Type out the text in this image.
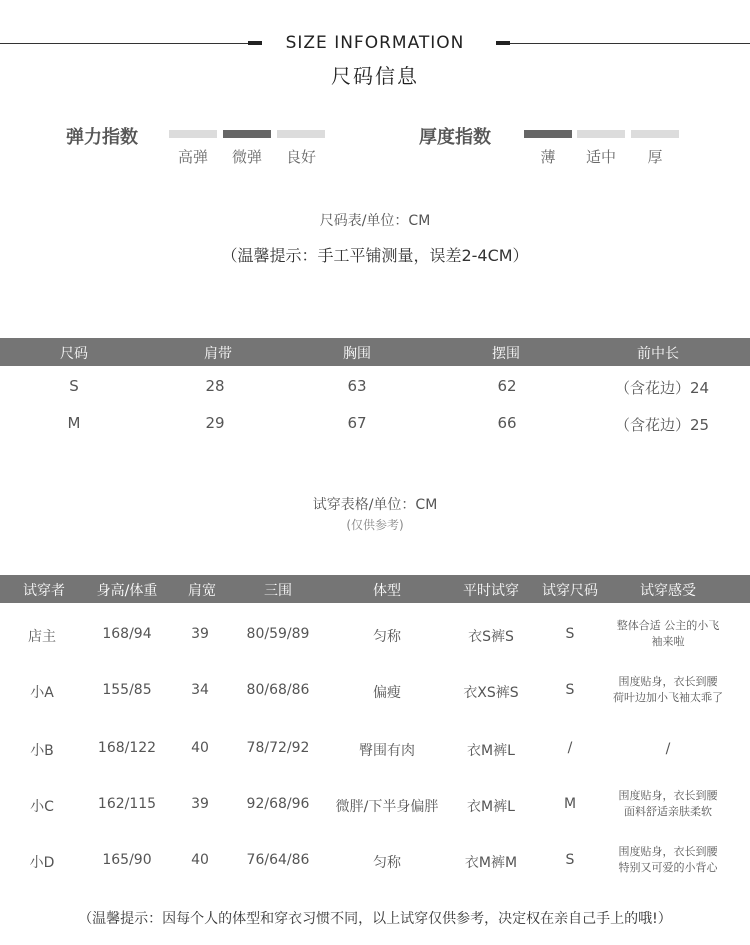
SIZE INFORMATION
尺码信息
弹力指数
高弹	微弹	良好
厚度指数
薄	适中	厚
尺码表/单位：CM
（温馨提示：手工平铺测量，误差2-4CM）
尺码	肩带	胸围	摆围	前中长
S	28	63	62	（含花边）24
M	29	67	66	（含花边）25
试穿表格/单位：CM
(仅供参考)
试穿者	身高/体重	肩宽	三围	体型	平时试穿	试穿尺码	试穿感受
店主	168/94	39	80/59/89	匀称	衣S裤S	S
整体合适 公主的小飞
袖来啦
小A	155/85	34	80/68/86	偏瘦	衣XS裤S	S
围度贴身，衣长到腰
荷叶边加小飞袖太乖了
小B	168/122	40	78/72/92	臀围有肉	衣M裤L	/	/
小C	162/115	39	92/68/96	微胖/下半身偏胖	衣M裤L	M
围度贴身，衣长到腰
面料舒适亲肤柔软
小D	165/90	40	76/64/86	匀称	衣M裤M	S
围度贴身，衣长到腰
特别又可爱的小背心
（温馨提示：因每个人的体型和穿衣习惯不同，以上试穿仅供参考，决定权在亲自己手上的哦!）
